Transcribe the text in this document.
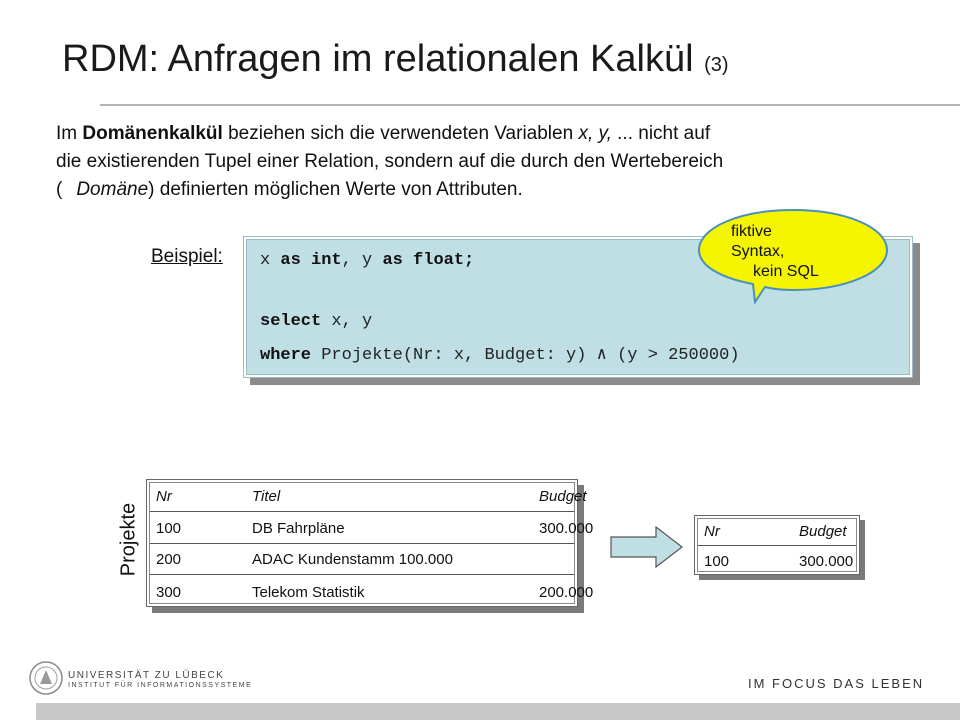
RDM: Anfragen im relationalen Kalkül (3)

Im Domänenkalkül beziehen sich die verwendeten Variablen x, y, ... nicht auf

die existierenden Tupel einer Relation, sondern auf die durch den Wertebereich

( Domäne) definierten möglichen Werte von Attributen.

Beispiel: x as int, y as float;
select x, y
where Projekte(Nr: x, Budget: y) ∧ (y > 250000)
fiktive
Syntax,
kein SQL
Projekte
Nr	Titel	Budget
100	DB Fahrpläne	300.000
200	ADAC Kundenstamm 100.000
300	Telekom Statistik	200.000
Nr	Budget
100	300.000
UNIVERSITÄT ZU LÜBECK
INSTITUT FÜR INFORMATIONSSYSTEME	IM FOCUS DAS LEBEN
